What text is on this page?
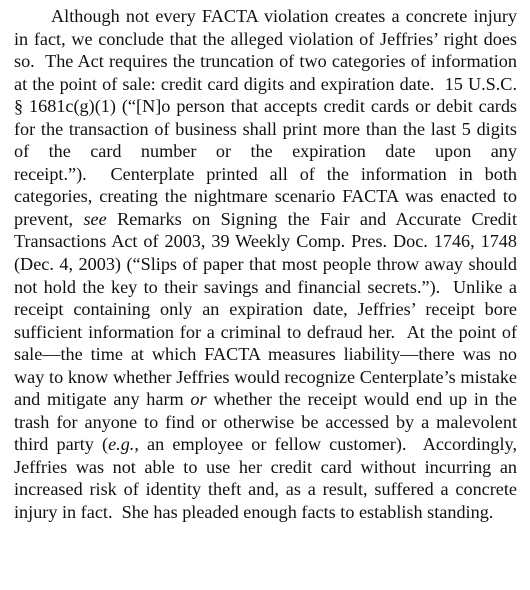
Although not every FACTA violation creates a concrete injury in fact, we conclude that the alleged violation of Jeffries’ right does so.  The Act requires the truncation of two categories of information at the point of sale: credit card digits and expiration date.  15 U.S.C. § 1681c(g)(1) (“[N]o person that accepts credit cards or debit cards for the transaction of business shall print more than the last 5 digits of the card number or the expiration date upon any receipt.”).  Centerplate printed all of the information in both categories, creating the nightmare scenario FACTA was enacted to prevent, see Remarks on Signing the Fair and Accurate Credit Transactions Act of 2003, 39 Weekly Comp. Pres. Doc. 1746, 1748 (Dec. 4, 2003) (“Slips of paper that most people throw away should not hold the key to their savings and financial secrets.”).  Unlike a receipt containing only an expiration date, Jeffries’ receipt bore sufficient information for a criminal to defraud her.  At the point of sale—the time at which FACTA measures liability—there was no way to know whether Jeffries would recognize Centerplate’s mistake and mitigate any harm or whether the receipt would end up in the trash for anyone to find or otherwise be accessed by a malevolent third party (e.g., an employee or fellow customer).  Accordingly, Jeffries was not able to use her credit card without incurring an increased risk of identity theft and, as a result, suffered a concrete injury in fact.  She has pleaded enough facts to establish standing.
